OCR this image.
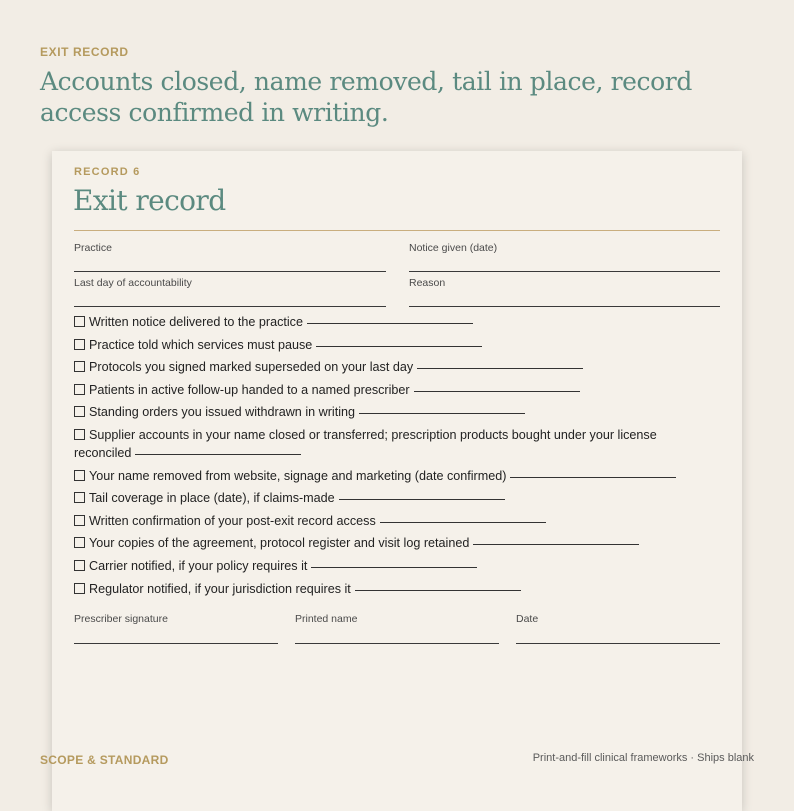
EXIT RECORD
Accounts closed, name removed, tail in place, record access confirmed in writing.
RECORD 6
Exit record
Practice	Notice given (date)
Last day of accountability	Reason
Written notice delivered to the practice
Practice told which services must pause
Protocols you signed marked superseded on your last day
Patients in active follow-up handed to a named prescriber
Standing orders you issued withdrawn in writing
Supplier accounts in your name closed or transferred; prescription products bought under your license reconciled
Your name removed from website, signage and marketing (date confirmed)
Tail coverage in place (date), if claims-made
Written confirmation of your post-exit record access
Your copies of the agreement, protocol register and visit log retained
Carrier notified, if your policy requires it
Regulator notified, if your jurisdiction requires it
Prescriber signature	Printed name	Date
SCOPE & STANDARD	Print-and-fill clinical frameworks · Ships blank
